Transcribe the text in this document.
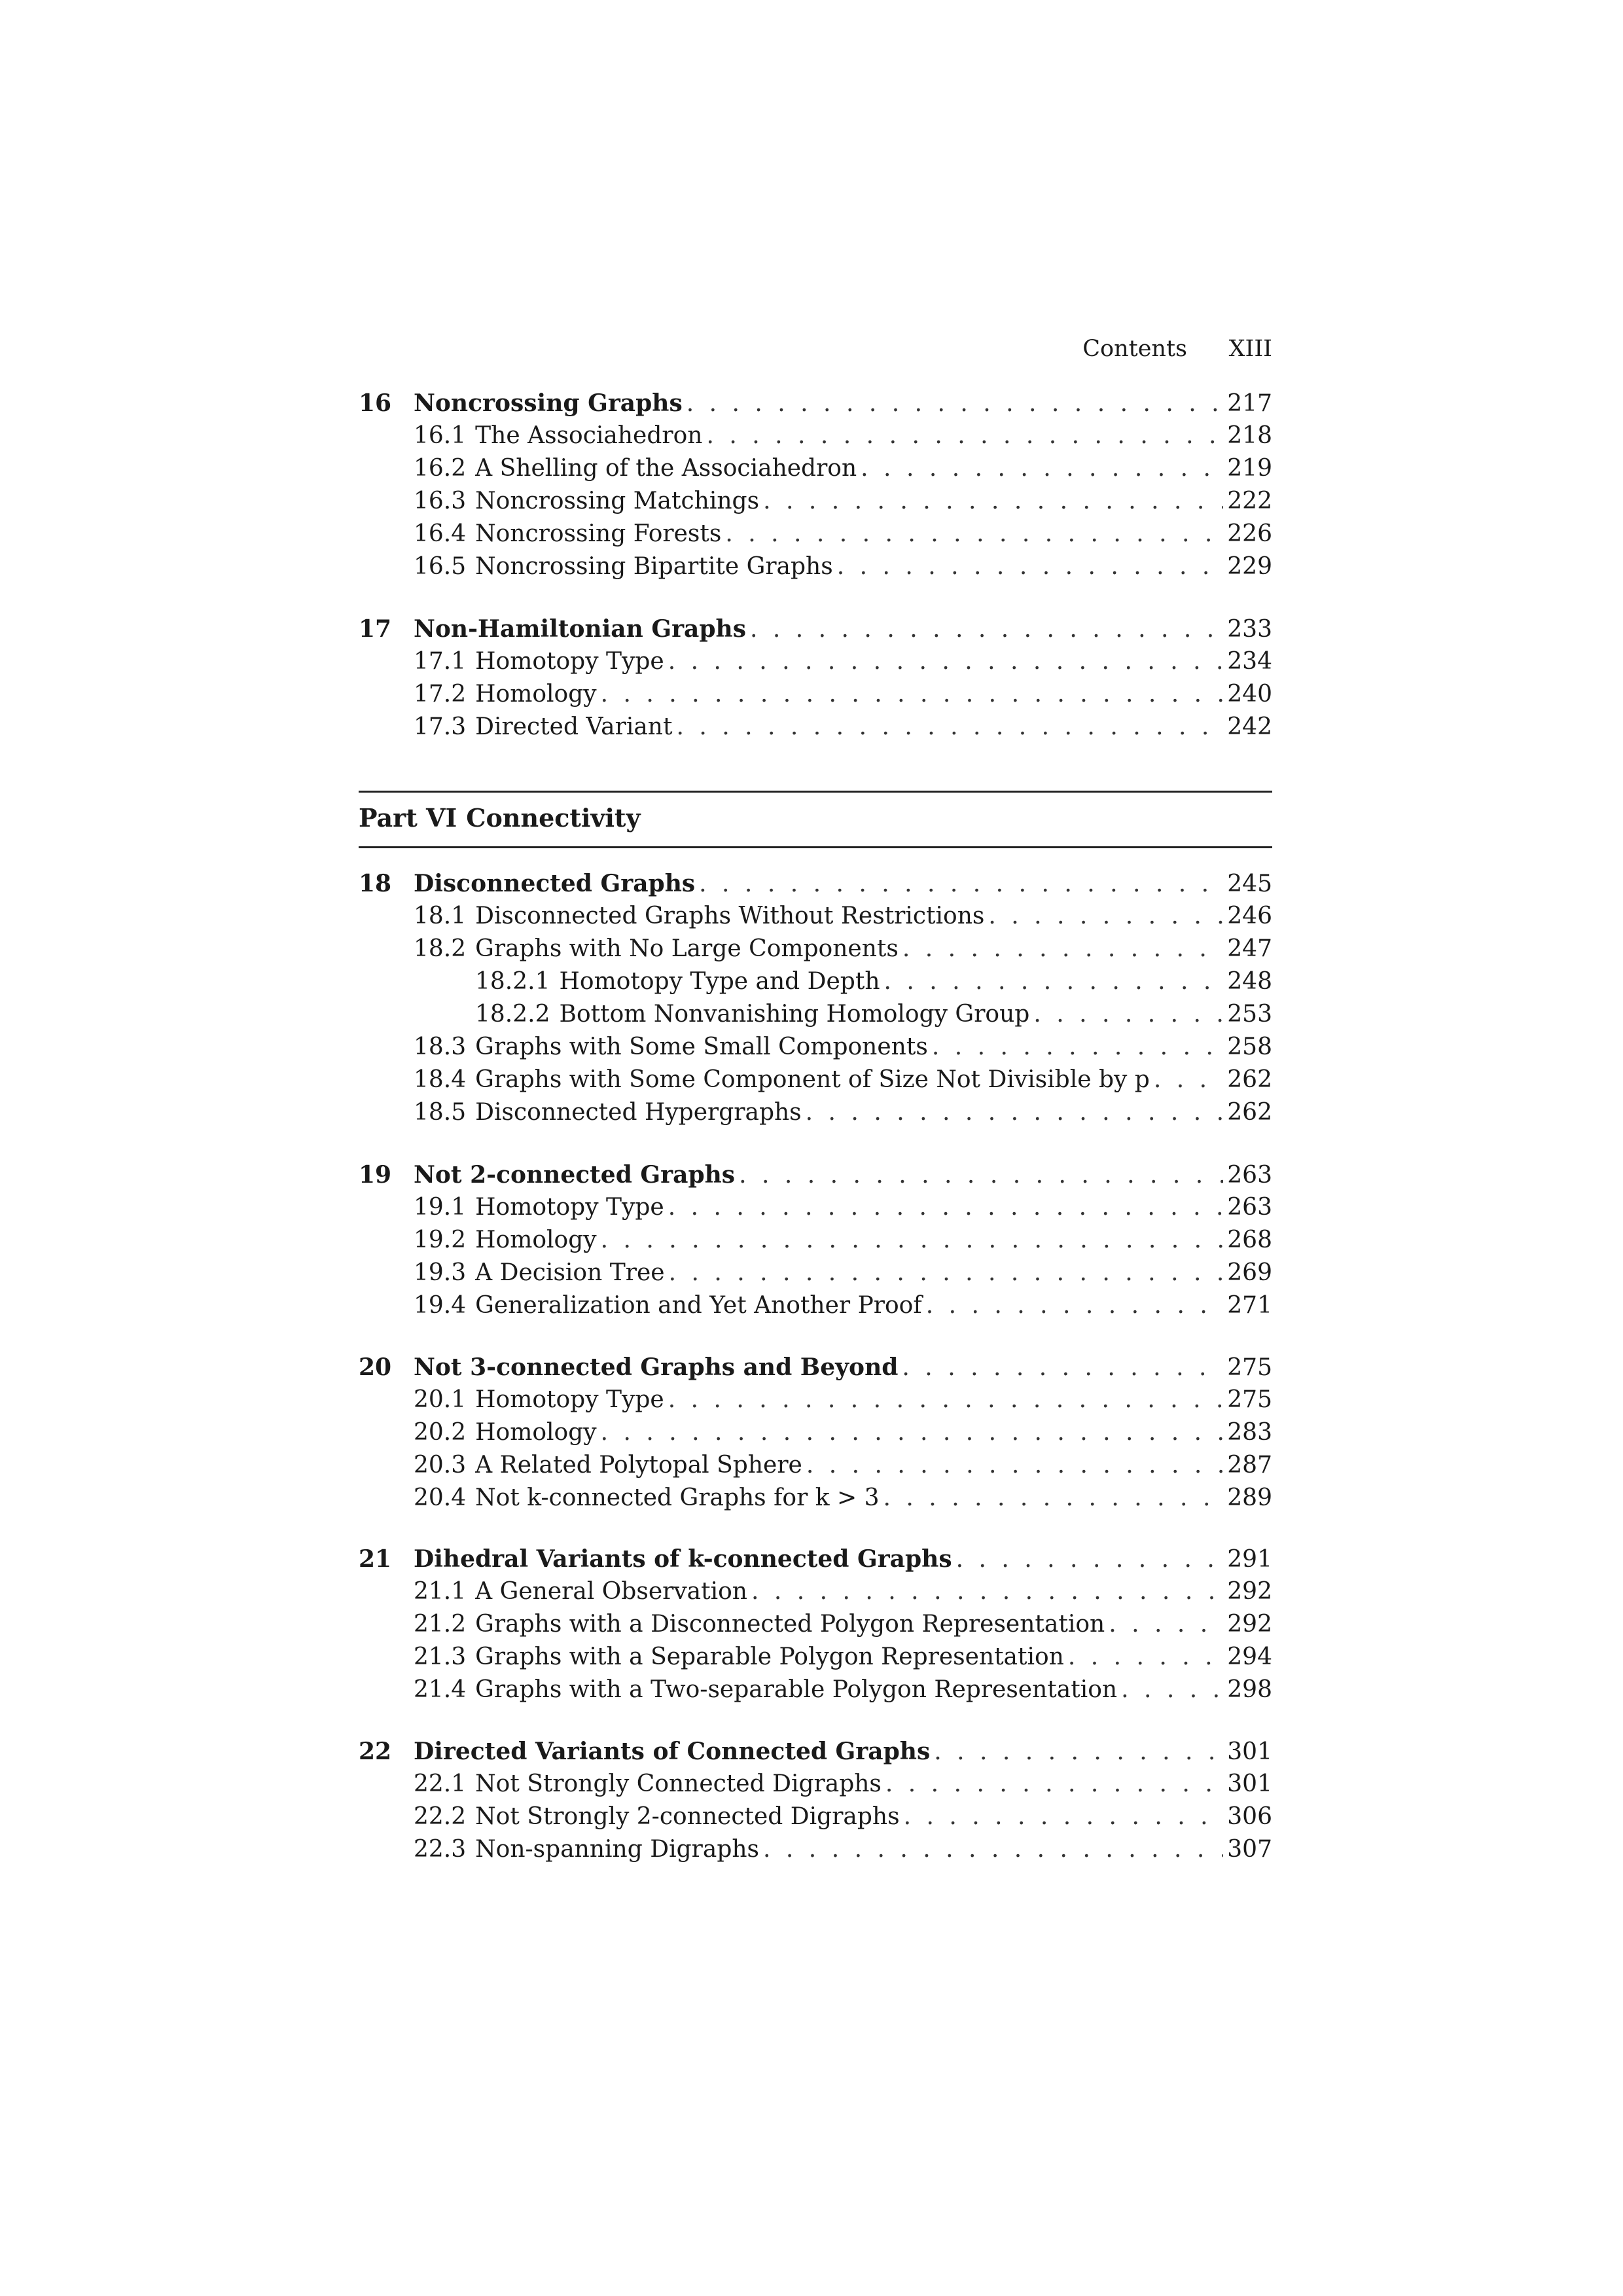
Contents XIII
16 Noncrossing Graphs . . .	217
16.1 The Associahedron . . .	218
16.2 A Shelling of the Associahedron . . .	219
16.3 Noncrossing Matchings . . .	222
16.4 Noncrossing Forests . . .	226
16.5 Noncrossing Bipartite Graphs . . .	229
17 Non-Hamiltonian Graphs . . .	233
17.1 Homotopy Type . . .	234
17.2 Homology . . .	240
17.3 Directed Variant . . .	242
Part VI Connectivity
18 Disconnected Graphs . . .	245
18.1 Disconnected Graphs Without Restrictions . . .	246
18.2 Graphs with No Large Components . . .	247
18.2.1 Homotopy Type and Depth . . .	248
18.2.2 Bottom Nonvanishing Homology Group . . .	253
18.3 Graphs with Some Small Components . . .	258
18.4 Graphs with Some Component of Size Not Divisible by p . . .	262
18.5 Disconnected Hypergraphs . . .	262
19 Not 2-connected Graphs . . .	263
19.1 Homotopy Type . . .	263
19.2 Homology . . .	268
19.3 A Decision Tree . . .	269
19.4 Generalization and Yet Another Proof . . .	271
20 Not 3-connected Graphs and Beyond . . .	275
20.1 Homotopy Type . . .	275
20.2 Homology . . .	283
20.3 A Related Polytopal Sphere . . .	287
20.4 Not k-connected Graphs for k > 3 . . .	289
21 Dihedral Variants of k-connected Graphs . . .	291
21.1 A General Observation . . .	292
21.2 Graphs with a Disconnected Polygon Representation . . .	292
21.3 Graphs with a Separable Polygon Representation . . .	294
21.4 Graphs with a Two-separable Polygon Representation . . .	298
22 Directed Variants of Connected Graphs . . .	301
22.1 Not Strongly Connected Digraphs . . .	301
22.2 Not Strongly 2-connected Digraphs . . .	306
22.3 Non-spanning Digraphs . . .	307
